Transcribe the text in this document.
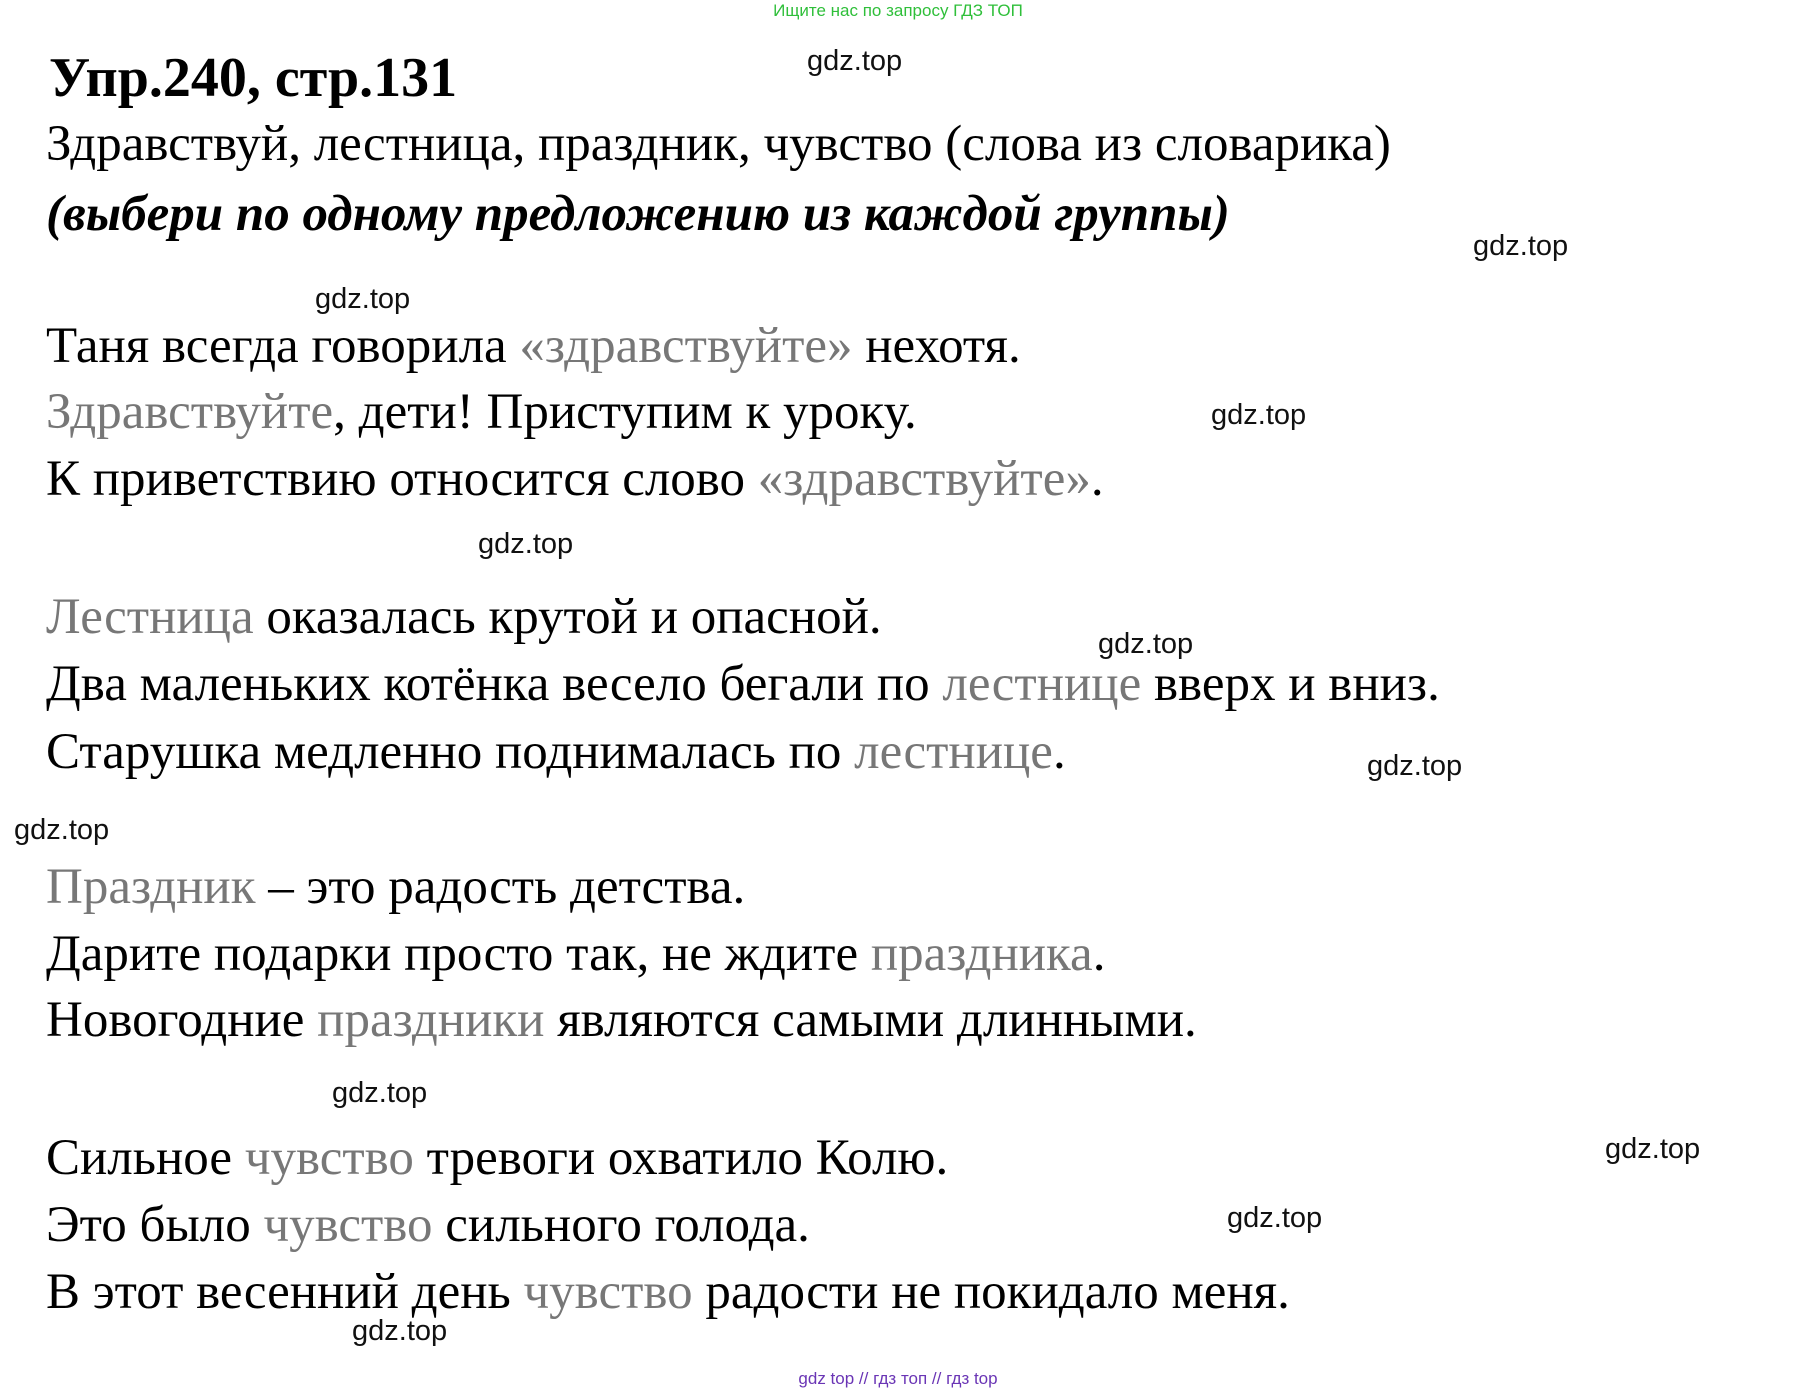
Ищите нас по запросу ГДЗ ТОП
Упр.240, стр.131

Здравствуй, лестница, праздник, чувство (слова из словарика)

(выбери по одному предложению из каждой группы)

Таня всегда говорила «здравствуйте» нехотя.

Здравствуйте, дети! Приступим к уроку.

К приветствию относится слово «здравствуйте».

Лестница оказалась крутой и опасной.

Два маленьких котёнка весело бегали по лестнице вверх и вниз.

Старушка медленно поднималась по лестнице.

Праздник – это радость детства.

Дарите подарки просто так, не ждите праздника.

Новогодние праздники являются самыми длинными.

Сильное чувство тревоги охватило Колю.

Это было чувство сильного голода.

В этот весенний день чувство радости не покидало меня.

gdz.top
gdz.top
gdz.top
gdz.top
gdz.top
gdz.top
gdz.top
gdz.top
gdz.top
gdz.top
gdz.top
gdz.top
gdz top // гдз топ // гдз top
